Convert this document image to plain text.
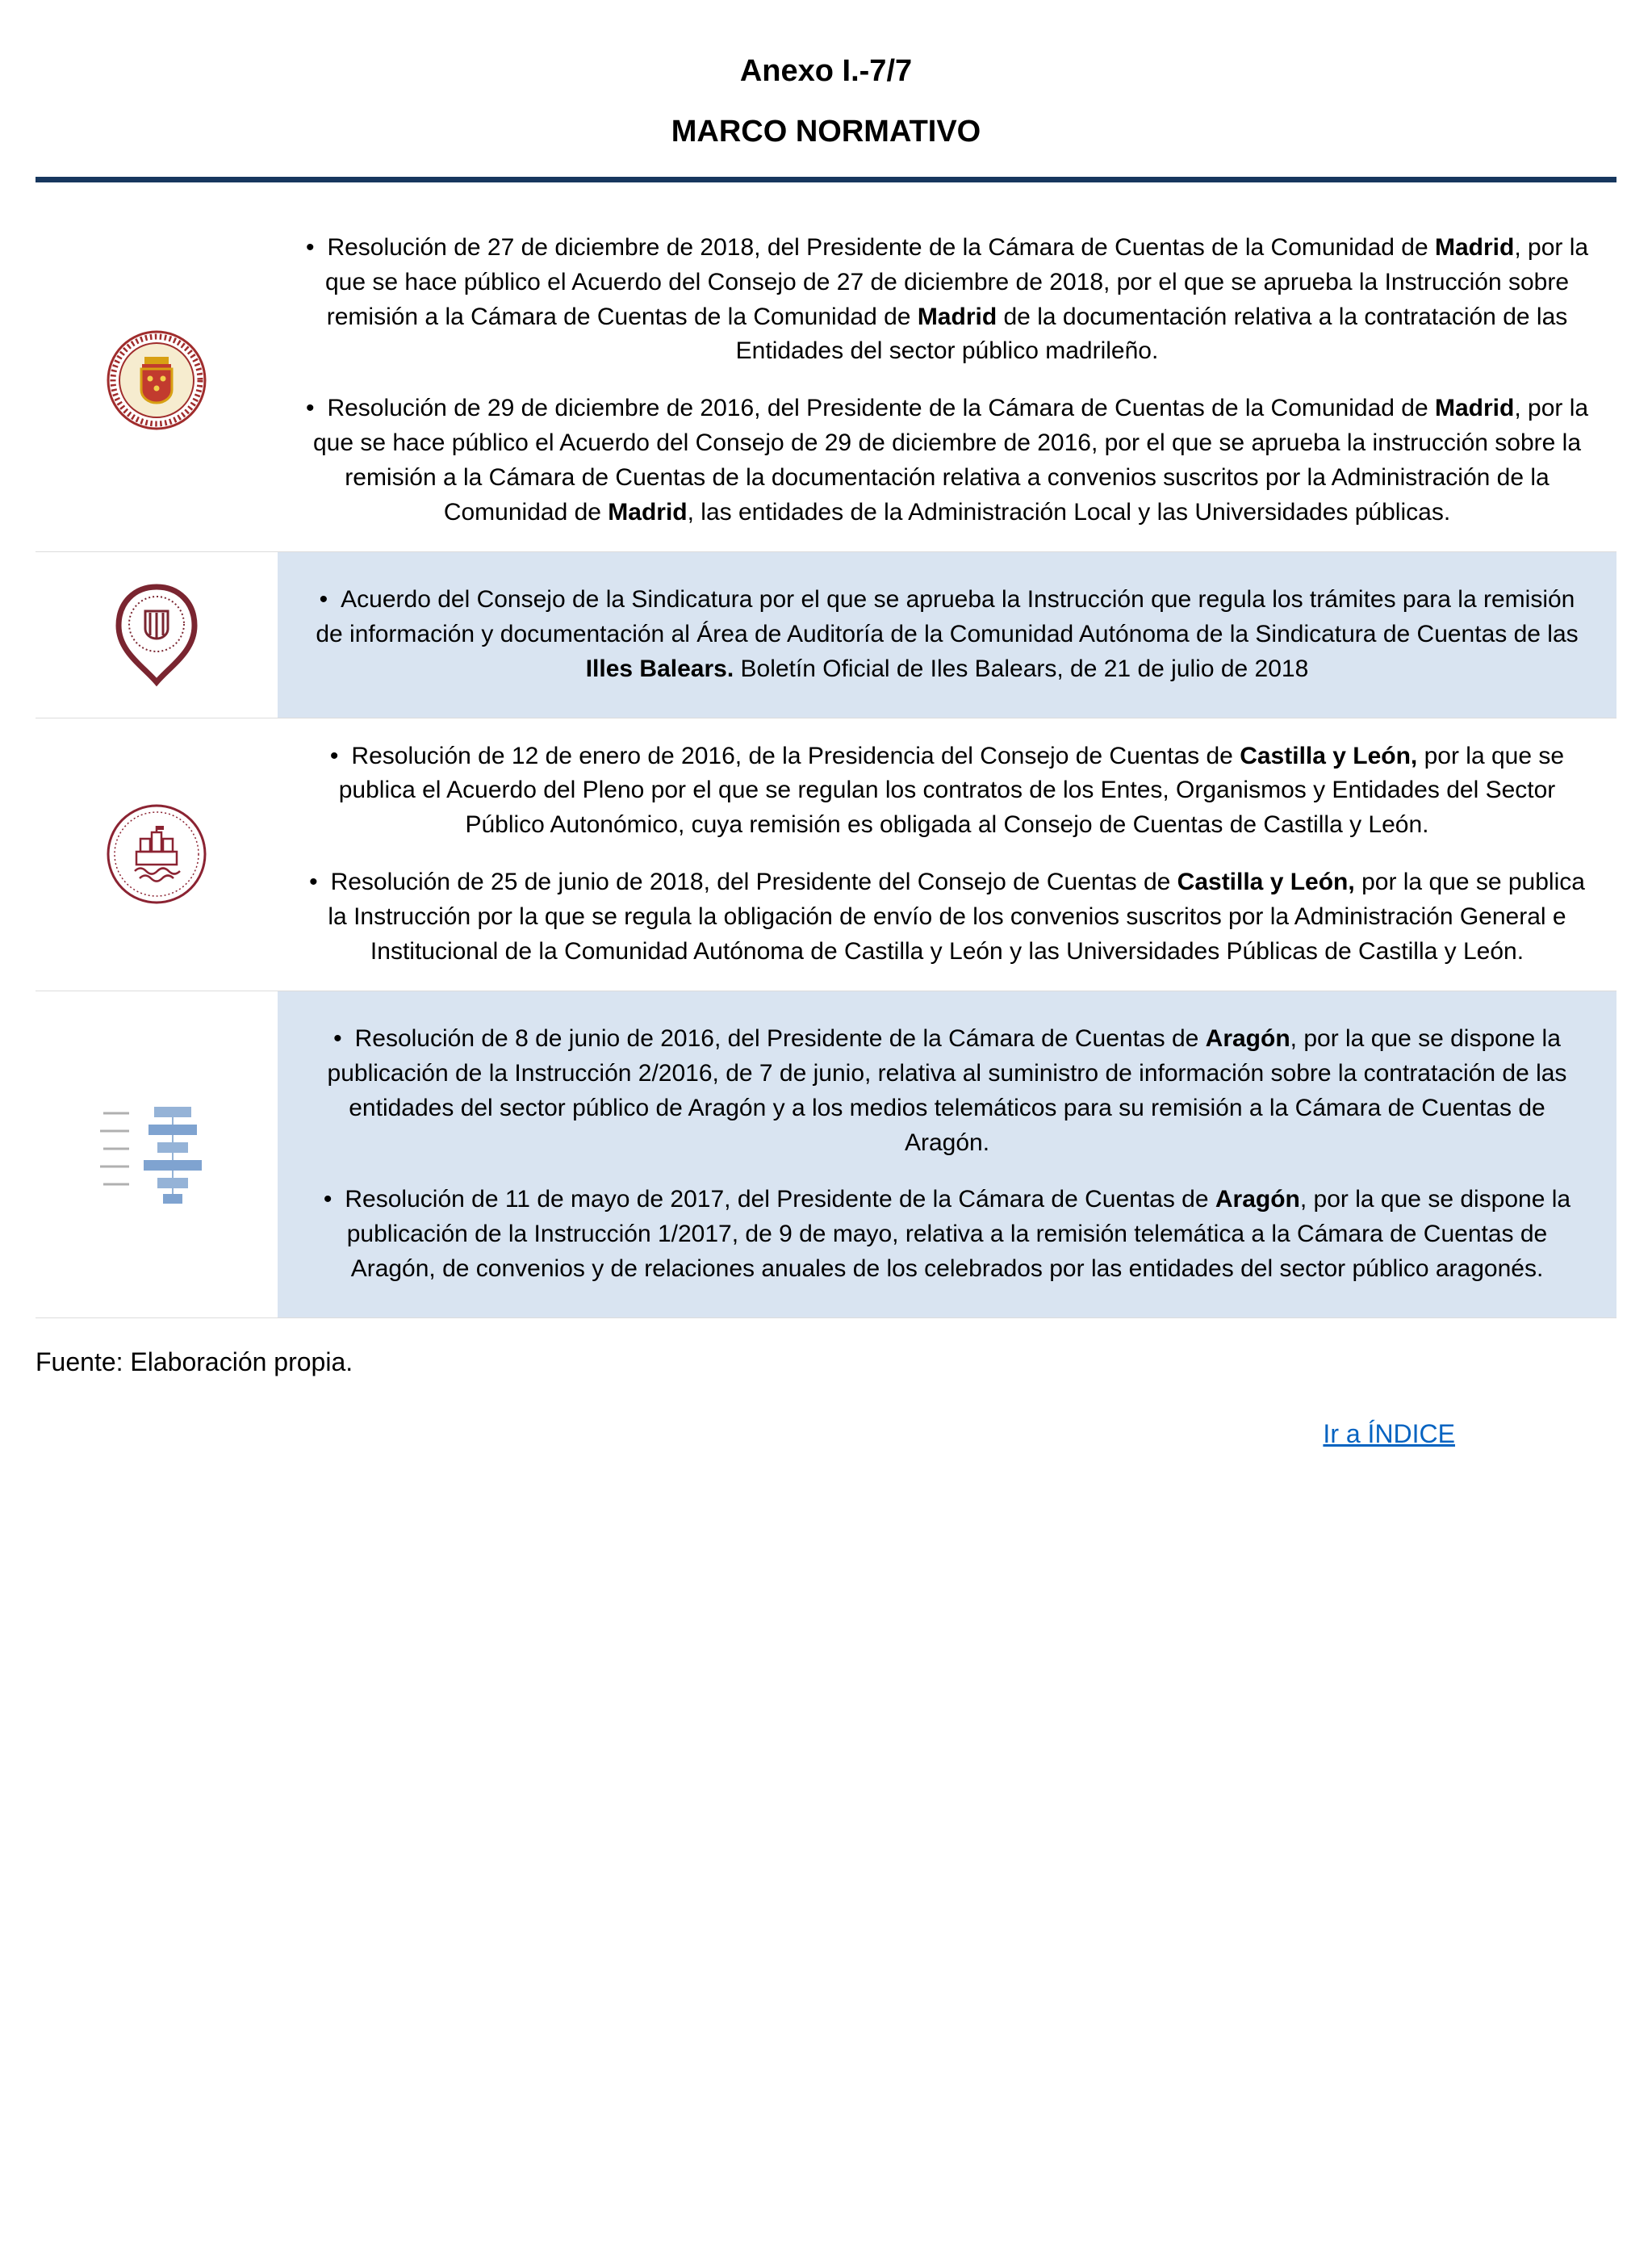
Anexo I.-7/7
MARCO NORMATIVO

• Resolución de 27 de diciembre de 2018, del Presidente de la Cámara de Cuentas de la Comunidad de Madrid, por la que se hace público el Acuerdo del Consejo de 27 de diciembre de 2018, por el que se aprueba la Instrucción sobre remisión a la Cámara de Cuentas de la Comunidad de Madrid de la documentación relativa a la contratación de las Entidades del sector público madrileño.

• Resolución de 29 de diciembre de 2016, del Presidente de la Cámara de Cuentas de la Comunidad de Madrid, por la que se hace público el Acuerdo del Consejo de 29 de diciembre de 2016, por el que se aprueba la instrucción sobre la remisión a la Cámara de Cuentas de la documentación relativa a convenios suscritos por la Administración de la Comunidad de Madrid, las entidades de la Administración Local y las Universidades públicas.

• Acuerdo del Consejo de la Sindicatura por el que se aprueba la Instrucción que regula los trámites para la remisión de información y documentación al Área de Auditoría de la Comunidad Autónoma de la Sindicatura de Cuentas de las Illes Balears. Boletín Oficial de Iles Balears, de 21 de julio de 2018

• Resolución de 12 de enero de 2016, de la Presidencia del Consejo de Cuentas de Castilla y León, por la que se publica el Acuerdo del Pleno por el que se regulan los contratos de los Entes, Organismos y Entidades del Sector Público Autonómico, cuya remisión es obligada al Consejo de Cuentas de Castilla y León.

• Resolución de 25 de junio de 2018, del Presidente del Consejo de Cuentas de Castilla y León, por la que se publica la Instrucción por la que se regula la obligación de envío de los convenios suscritos por la Administración General e Institucional de la Comunidad Autónoma de Castilla y León y las Universidades Públicas de Castilla y León.

• Resolución de 8 de junio de 2016, del Presidente de la Cámara de Cuentas de Aragón, por la que se dispone la publicación de la Instrucción 2/2016, de 7 de junio, relativa al suministro de información sobre la contratación de las entidades del sector público de Aragón y a los medios telemáticos para su remisión a la Cámara de Cuentas de Aragón.

• Resolución de 11 de mayo de 2017, del Presidente de la Cámara de Cuentas de Aragón, por la que se dispone la publicación de la Instrucción 1/2017, de 9 de mayo, relativa a la remisión telemática a la Cámara de Cuentas de Aragón, de convenios y de relaciones anuales de los celebrados por las entidades del sector público aragonés.

Fuente: Elaboración propia.
Ir a ÍNDICE
